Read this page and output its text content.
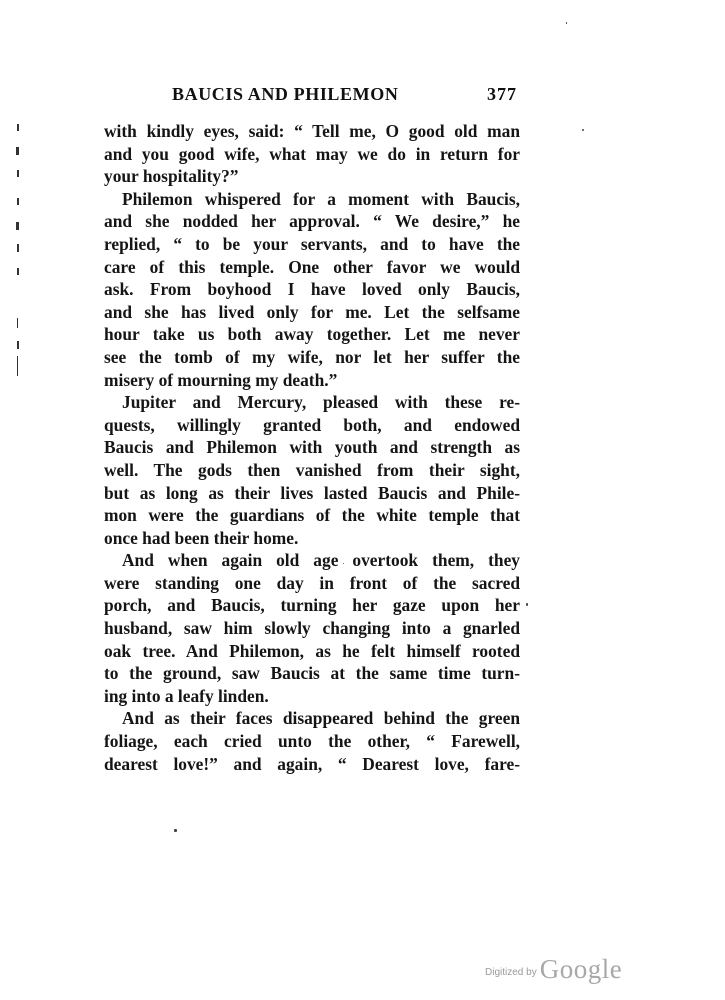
BAUCIS AND PHILEMON	377
with kindly eyes, said: “ Tell me, O good old man
and you good wife, what may we do in return for
your hospitality?”
Philemon whispered for a moment with Baucis,
and she nodded her approval. “ We desire,” he
replied, “ to be your servants, and to have the
care of this temple. One other favor we would
ask. From boyhood I have loved only Baucis,
and she has lived only for me. Let the selfsame
hour take us both away together. Let me never
see the tomb of my wife, nor let her suffer the
misery of mourning my death.”
Jupiter and Mercury, pleased with these re-
quests, willingly granted both, and endowed
Baucis and Philemon with youth and strength as
well. The gods then vanished from their sight,
but as long as their lives lasted Baucis and Phile-
mon were the guardians of the white temple that
once had been their home.
And when again old age overtook them, they
were standing one day in front of the sacred
porch, and Baucis, turning her gaze upon her
husband, saw him slowly changing into a gnarled
oak tree. And Philemon, as he felt himself rooted
to the ground, saw Baucis at the same time turn-
ing into a leafy linden.
And as their faces disappeared behind the green
foliage, each cried unto the other, “ Farewell,
dearest love!” and again, “ Dearest love, fare-
Digitized by Google
